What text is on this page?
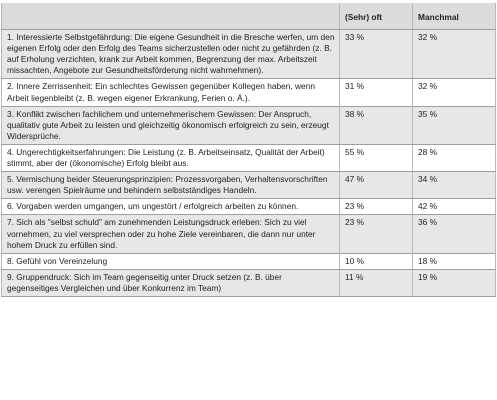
	(Sehr) oft	Manchmal
1. Interessierte Selbstgefährdung: Die eigene Gesundheit in die Bresche werfen, um den eigenen Erfolg oder den Erfolg des Teams sicherzustellen oder nicht zu gefährden (z. B. auf Erholung verzichten, krank zur Arbeit kommen, Begrenzung der max. Arbeitszeit missachten, Angebote zur Gesundheitsförderung nicht wahrnehmen).	33 %	32 %
2. Innere Zerrissenheit: Ein schlechtes Gewissen gegenüber Kollegen haben, wenn Arbeit liegenbleibt (z. B. wegen eigener Erkrankung, Ferien o. Ä.).	31 %	32 %
3. Konflikt zwischen fachlichem und unternehmerischem Gewissen: Der Anspruch, qualitativ gute Arbeit zu leisten und gleichzeitig ökonomisch erfolgreich zu sein, erzeugt Widersprüche.	38 %	35 %
4. Ungerechtigkeitserfahrungen: Die Leistung (z. B. Arbeitseinsatz, Qualität der Arbeit) stimmt, aber der (ökonomische) Erfolg bleibt aus.	55 %	28 %
5. Vermischung beider Steuerungsprinzipien: Prozessvorgaben, Verhaltensvorschriften usw. verengen Spielräume und behindern selbstständiges Handeln.	47 %	34 %
6. Vorgaben werden umgangen, um ungestört / erfolgreich arbeiten zu können.	23 %	42 %
7. Sich als "selbst schuld" am zunehmenden Leistungsdruck erleben: Sich zu viel vornehmen, zu viel versprechen oder zu hohe Ziele vereinbaren, die dann nur unter hohem Druck zu erfüllen sind.	23 %	36 %
8. Gefühl von Vereinzelung	10 %	18 %
9. Gruppendruck: Sich im Team gegenseitig unter Druck setzen (z. B. über gegenseitiges Vergleichen und über Konkurrenz im Team)	11 %	19 %
